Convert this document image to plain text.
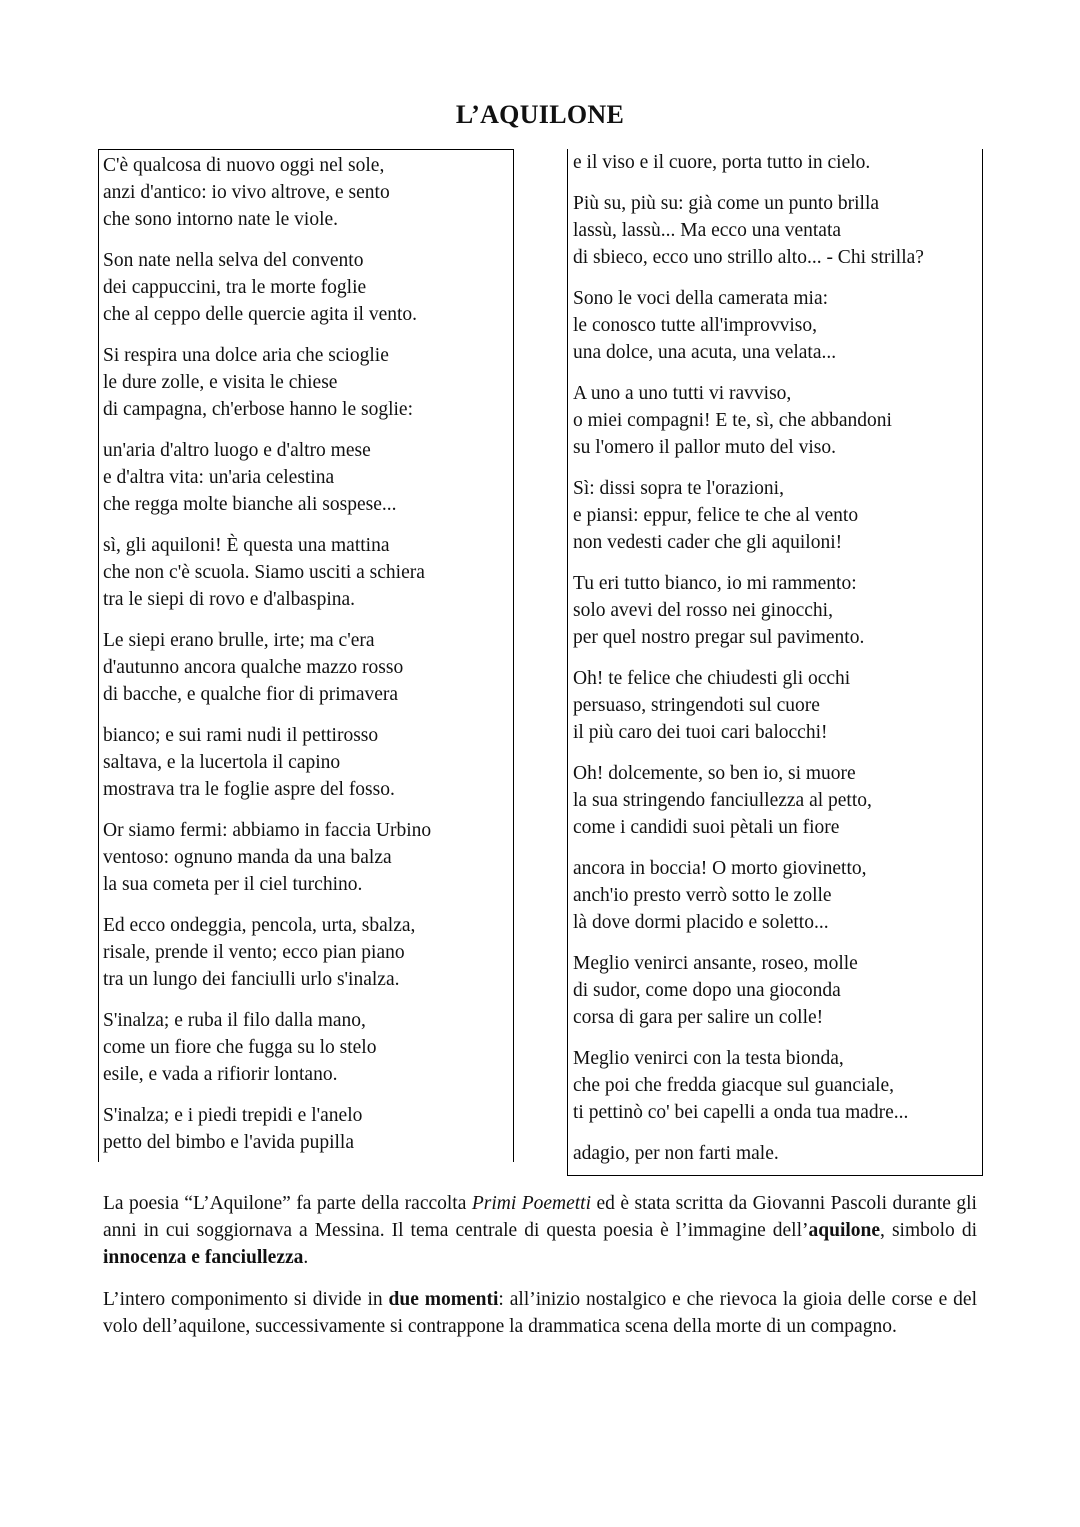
L’AQUILONE
C'è qualcosa di nuovo oggi nel sole,
anzi d'antico: io vivo altrove, e sento
che sono intorno nate le viole.
Son nate nella selva del convento
dei cappuccini, tra le morte foglie
che al ceppo delle quercie agita il vento.
Si respira una dolce aria che scioglie
le dure zolle, e visita le chiese
di campagna, ch'erbose hanno le soglie:
un'aria d'altro luogo e d'altro mese
e d'altra vita: un'aria celestina
che regga molte bianche ali sospese...
sì, gli aquiloni! È questa una mattina
che non c'è scuola. Siamo usciti a schiera
tra le siepi di rovo e d'albaspina.
Le siepi erano brulle, irte; ma c'era
d'autunno ancora qualche mazzo rosso
di bacche, e qualche fior di primavera
bianco; e sui rami nudi il pettirosso
saltava, e la lucertola il capino
mostrava tra le foglie aspre del fosso.
Or siamo fermi: abbiamo in faccia Urbino
ventoso: ognuno manda da una balza
la sua cometa per il ciel turchino.
Ed ecco ondeggia, pencola, urta, sbalza,
risale, prende il vento; ecco pian piano
tra un lungo dei fanciulli urlo s'inalza.
S'inalza; e ruba il filo dalla mano,
come un fiore che fugga su lo stelo
esile, e vada a rifiorir lontano.
S'inalza; e i piedi trepidi e l'anelo
petto del bimbo e l'avida pupilla
e il viso e il cuore, porta tutto in cielo.
Più su, più su: già come un punto brilla
lassù, lassù... Ma ecco una ventata
di sbieco, ecco uno strillo alto... - Chi strilla?
Sono le voci della camerata mia:
le conosco tutte all'improvviso,
una dolce, una acuta, una velata...
A uno a uno tutti vi ravviso,
o miei compagni! E te, sì, che abbandoni
su l'omero il pallor muto del viso.
Sì: dissi sopra te l'orazioni,
e piansi: eppur, felice te che al vento
non vedesti cader che gli aquiloni!
Tu eri tutto bianco, io mi rammento:
solo avevi del rosso nei ginocchi,
per quel nostro pregar sul pavimento.
Oh! te felice che chiudesti gli occhi
persuaso, stringendoti sul cuore
il più caro dei tuoi cari balocchi!
Oh! dolcemente, so ben io, si muore
la sua stringendo fanciullezza al petto,
come i candidi suoi pètali un fiore
ancora in boccia! O morto giovinetto,
anch'io presto verrò sotto le zolle
là dove dormi placido e soletto...
Meglio venirci ansante, roseo, molle
di sudor, come dopo una gioconda
corsa di gara per salire un colle!
Meglio venirci con la testa bionda,
che poi che fredda giacque sul guanciale,
ti pettinò co' bei capelli a onda tua madre...
adagio, per non farti male.

La poesia “L’Aquilone” fa parte della raccolta Primi Poemetti ed è stata scritta da Giovanni Pascoli durante gli anni in cui soggiornava a Messina. Il tema centrale di questa poesia è l’immagine dell’aquilone, simbolo di innocenza e fanciullezza.

L’intero componimento si divide in due momenti: all’inizio nostalgico e che rievoca la gioia delle corse e del volo dell’aquilone, successivamente si contrappone la drammatica scena della morte di un compagno.
